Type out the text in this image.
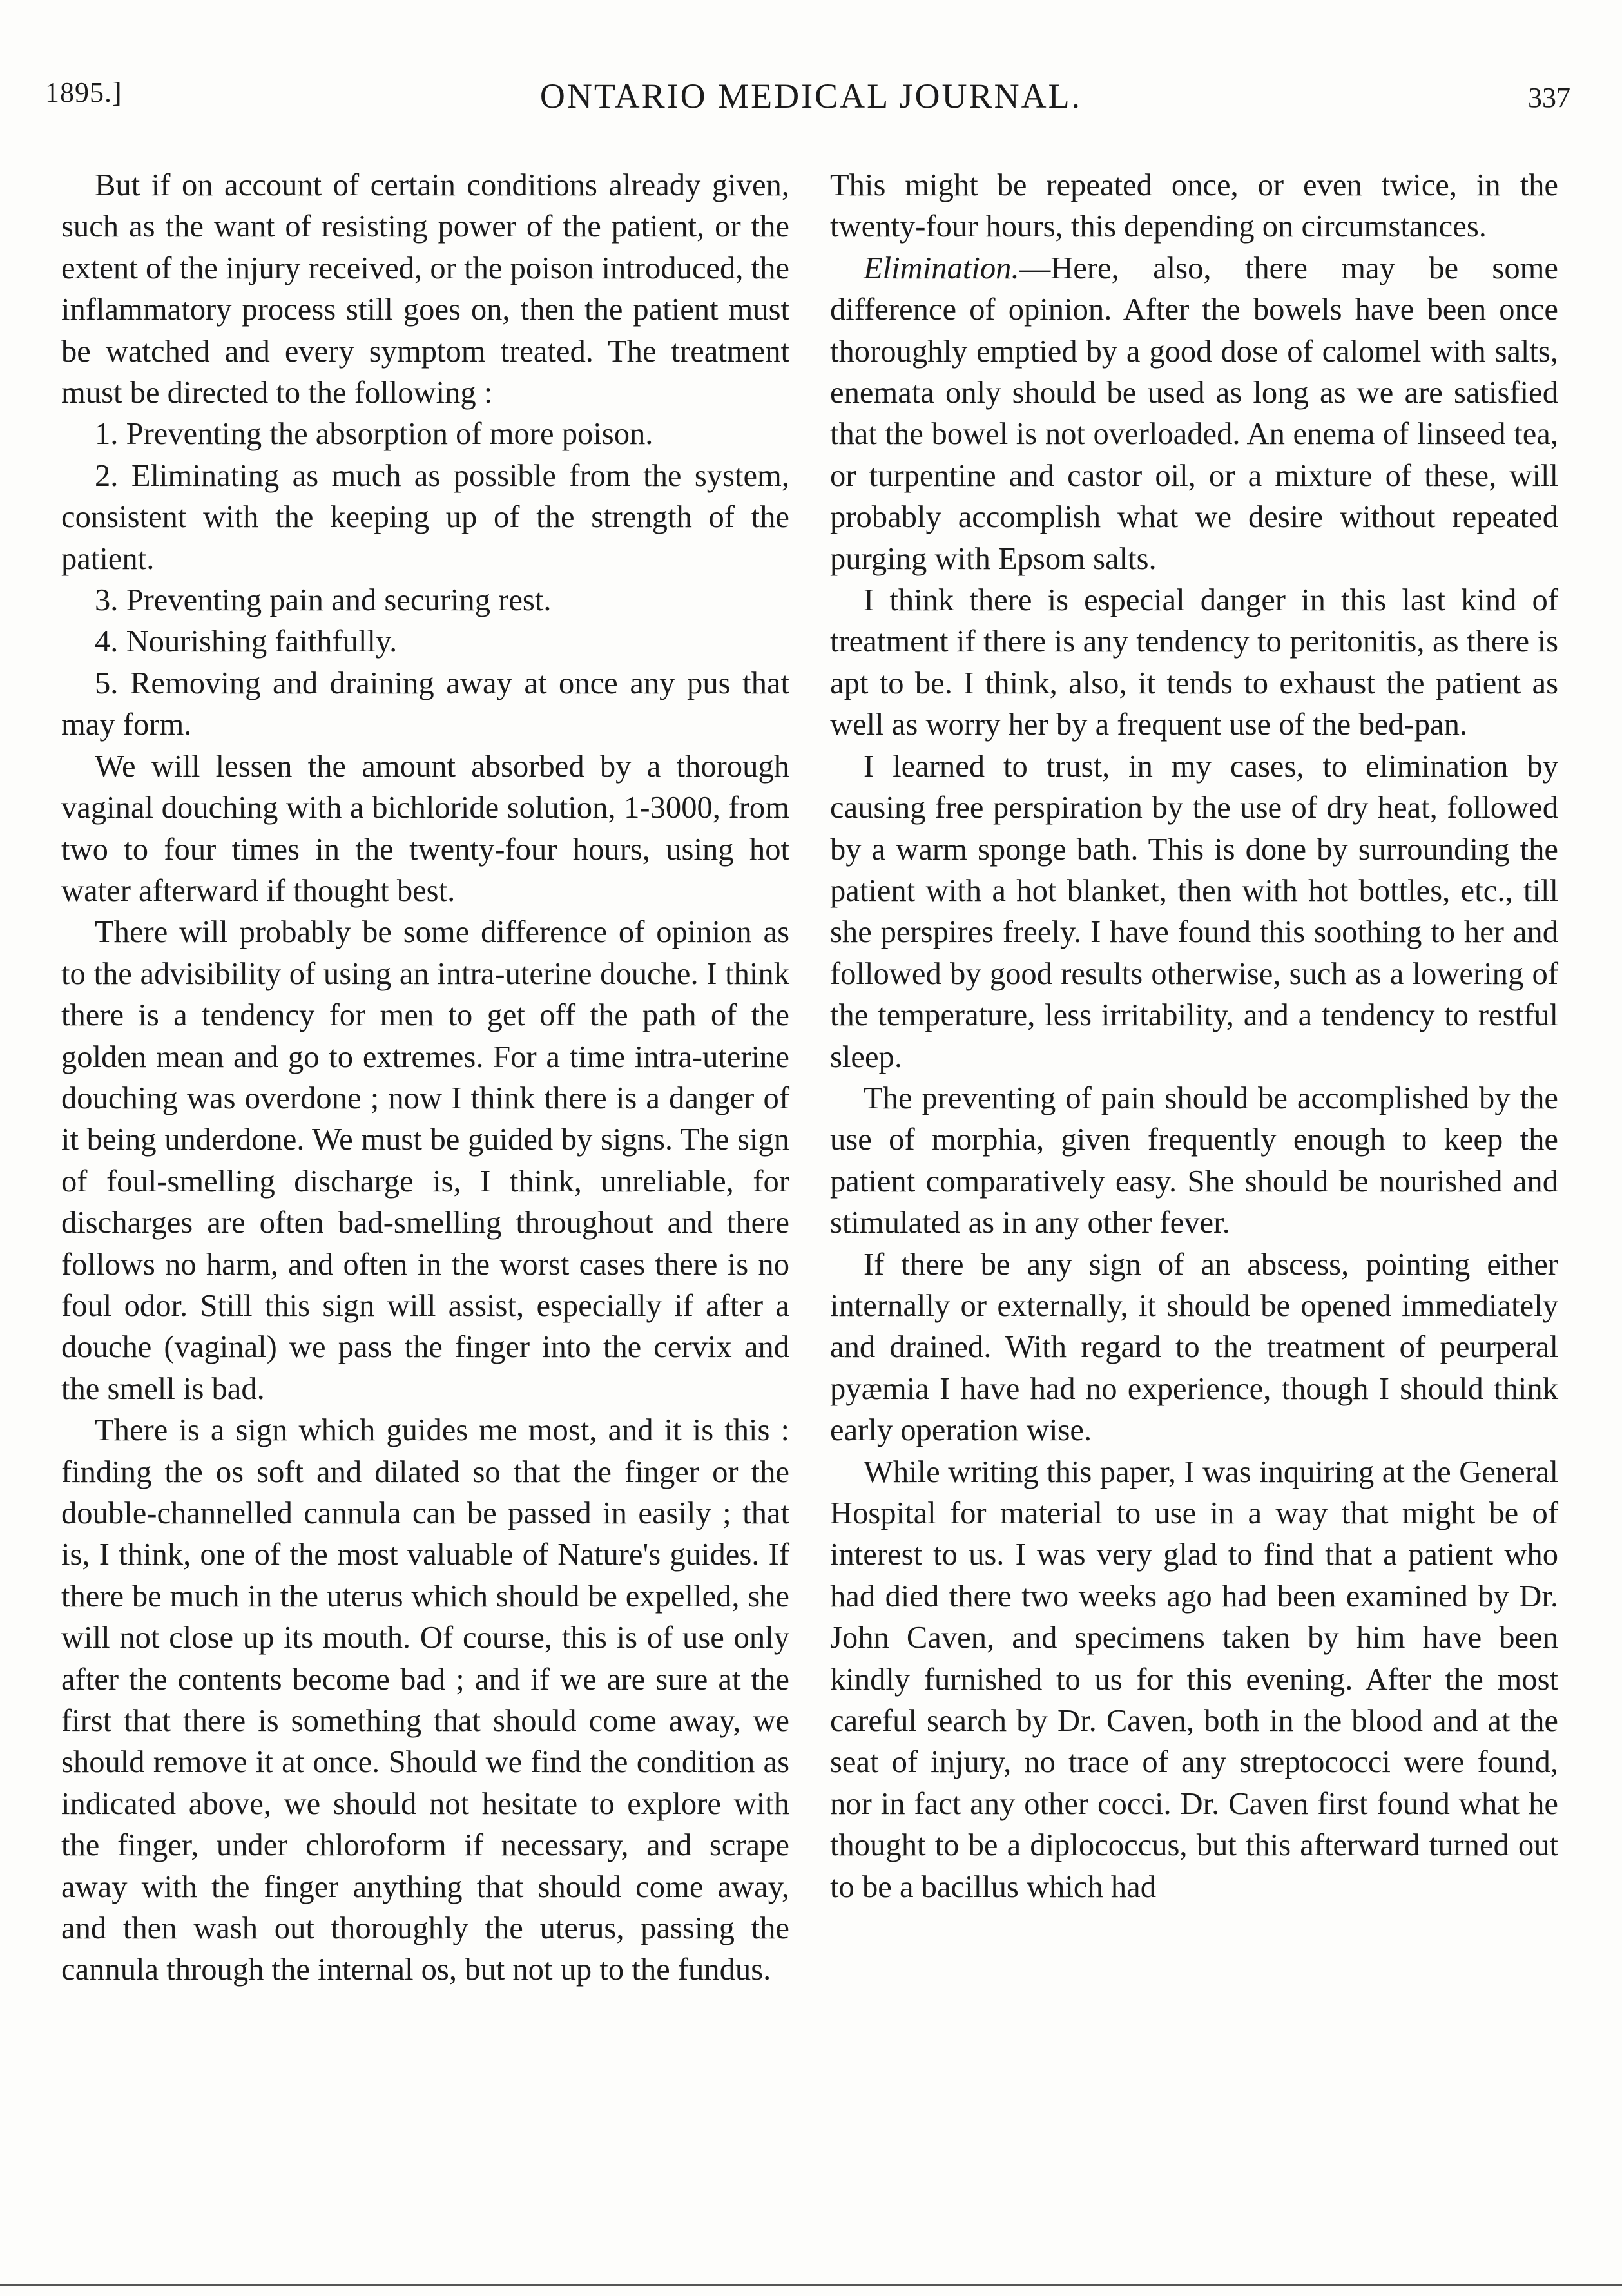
1895.]	ONTARIO MEDICAL JOURNAL.	337

But if on account of certain conditions already given, such as the want of resisting power of the patient, or the extent of the injury received, or the poison introduced, the inflammatory process still goes on, then the patient must be watched and every symptom treated. The treatment must be directed to the following :

1. Preventing the absorption of more poison.

2. Eliminating as much as possible from the system, consistent with the keeping up of the strength of the patient.

3. Preventing pain and securing rest.

4. Nourishing faithfully.

5. Removing and draining away at once any pus that may form.

We will lessen the amount absorbed by a thorough vaginal douching with a bichloride solution, 1-3000, from two to four times in the twenty-four hours, using hot water afterward if thought best.

There will probably be some difference of opinion as to the advisibility of using an intra-uterine douche. I think there is a tendency for men to get off the path of the golden mean and go to extremes. For a time intra-uterine douching was overdone ; now I think there is a danger of it being underdone. We must be guided by signs. The sign of foul-smelling discharge is, I think, unreliable, for discharges are often bad-smelling throughout and there follows no harm, and often in the worst cases there is no foul odor. Still this sign will assist, especially if after a douche (vaginal) we pass the finger into the cervix and the smell is bad.

There is a sign which guides me most, and it is this : finding the os soft and dilated so that the finger or the double-channelled cannula can be passed in easily ; that is, I think, one of the most valuable of Nature's guides. If there be much in the uterus which should be expelled, she will not close up its mouth. Of course, this is of use only after the contents become bad ; and if we are sure at the first that there is something that should come away, we should remove it at once. Should we find the condition as indicated above, we should not hesitate to explore with the finger, under chloroform if necessary, and scrape away with the finger anything that should come away, and then wash out thoroughly the uterus, passing the cannula through the internal os, but not up to the fundus.

This might be repeated once, or even twice, in the twenty-four hours, this depending on circumstances.

Elimination.—Here, also, there may be some difference of opinion. After the bowels have been once thoroughly emptied by a good dose of calomel with salts, enemata only should be used as long as we are satisfied that the bowel is not overloaded. An enema of linseed tea, or turpentine and castor oil, or a mixture of these, will probably accomplish what we desire without repeated purging with Epsom salts.

I think there is especial danger in this last kind of treatment if there is any tendency to peritonitis, as there is apt to be. I think, also, it tends to exhaust the patient as well as worry her by a frequent use of the bed-pan.

I learned to trust, in my cases, to elimination by causing free perspiration by the use of dry heat, followed by a warm sponge bath. This is done by surrounding the patient with a hot blanket, then with hot bottles, etc., till she perspires freely. I have found this soothing to her and followed by good results otherwise, such as a lowering of the temperature, less irritability, and a tendency to restful sleep.

The preventing of pain should be accomplished by the use of morphia, given frequently enough to keep the patient comparatively easy. She should be nourished and stimulated as in any other fever.

If there be any sign of an abscess, pointing either internally or externally, it should be opened immediately and drained. With regard to the treatment of peurperal pyæmia I have had no experience, though I should think early operation wise.

While writing this paper, I was inquiring at the General Hospital for material to use in a way that might be of interest to us. I was very glad to find that a patient who had died there two weeks ago had been examined by Dr. John Caven, and specimens taken by him have been kindly furnished to us for this evening. After the most careful search by Dr. Caven, both in the blood and at the seat of injury, no trace of any streptococci were found, nor in fact any other cocci. Dr. Caven first found what he thought to be a diplococcus, but this afterward turned out to be a bacillus which had
